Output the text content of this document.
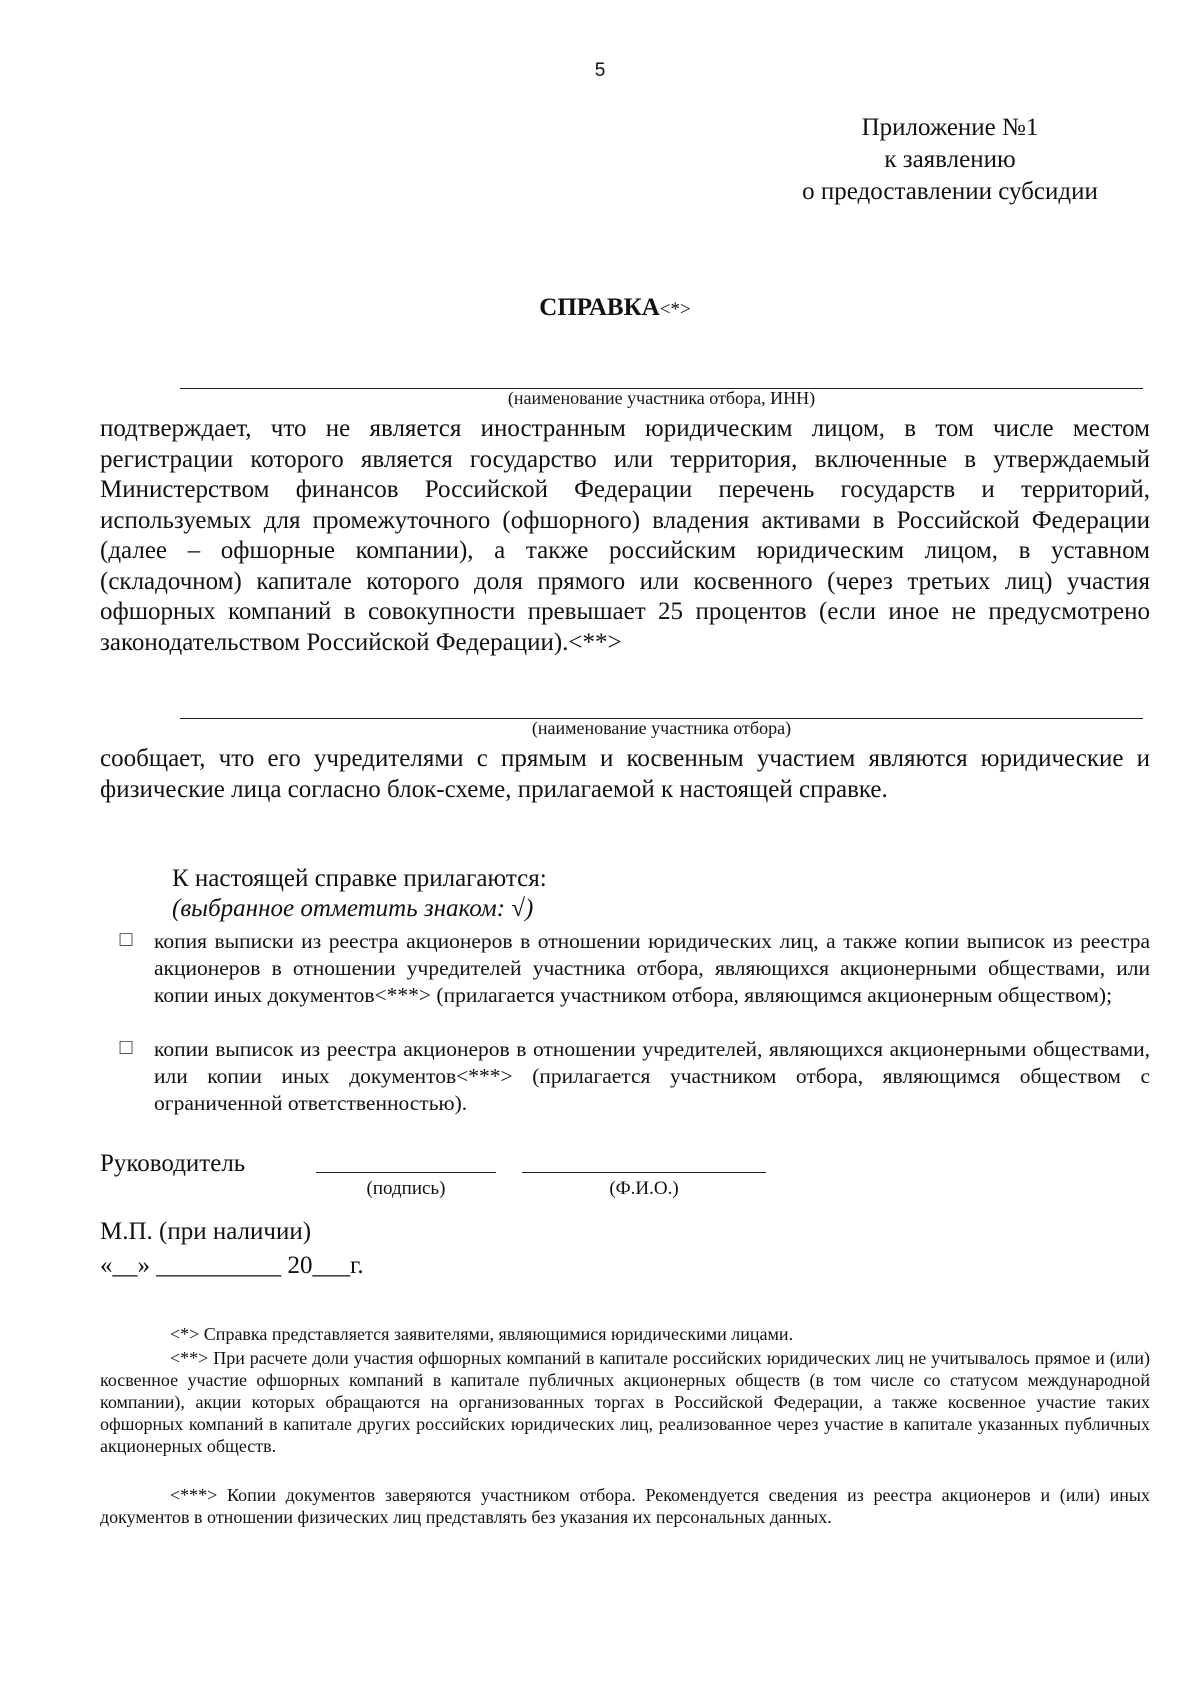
5
Приложение №1
к заявлению
о предоставлении субсидии
СПРАВКА<*>
(наименование участника отбора, ИНН)
подтверждает, что не является иностранным юридическим лицом, в том числе местом регистрации которого является государство или территория, включенные в утверждаемый Министерством финансов Российской Федерации перечень государств и территорий, используемых для промежуточного (офшорного) владения активами в Российской Федерации (далее – офшорные компании), а также российским юридическим лицом, в уставном (складочном) капитале которого доля прямого или косвенного (через третьих лиц) участия офшорных компаний в совокупности превышает 25 процентов (если иное не предусмотрено законодательством Российской Федерации).<**>
(наименование участника отбора)
сообщает, что его учредителями с прямым и косвенным участием являются юридические и физические лица согласно блок-схеме, прилагаемой к настоящей справке.
К настоящей справке прилагаются:
(выбранное отметить знаком: √)
☐ копия выписки из реестра акционеров в отношении юридических лиц, а также копии выписок из реестра акционеров в отношении учредителей участника отбора, являющихся акционерными обществами, или копии иных документов<***> (прилагается участником отбора, являющимся акционерным обществом);
☐ копии выписок из реестра акционеров в отношении учредителей, являющихся акционерными обществами, или копии иных документов<***> (прилагается участником отбора, являющимся обществом с ограниченной ответственностью).
Руководитель
(подпись)	(Ф.И.О.)
М.П. (при наличии)
«__» __________ 20___г.
<*> Справка представляется заявителями, являющимися юридическими лицами.
<**> При расчете доли участия офшорных компаний в капитале российских юридических лиц не учитывалось прямое и (или) косвенное участие офшорных компаний в капитале публичных акционерных обществ (в том числе со статусом международной компании), акции которых обращаются на организованных торгах в Российской Федерации, а также косвенное участие таких офшорных компаний в капитале других российских юридических лиц, реализованное через участие в капитале указанных публичных акционерных обществ.
<***> Копии документов заверяются участником отбора. Рекомендуется сведения из реестра акционеров и (или) иных документов в отношении физических лиц представлять без указания их персональных данных.
